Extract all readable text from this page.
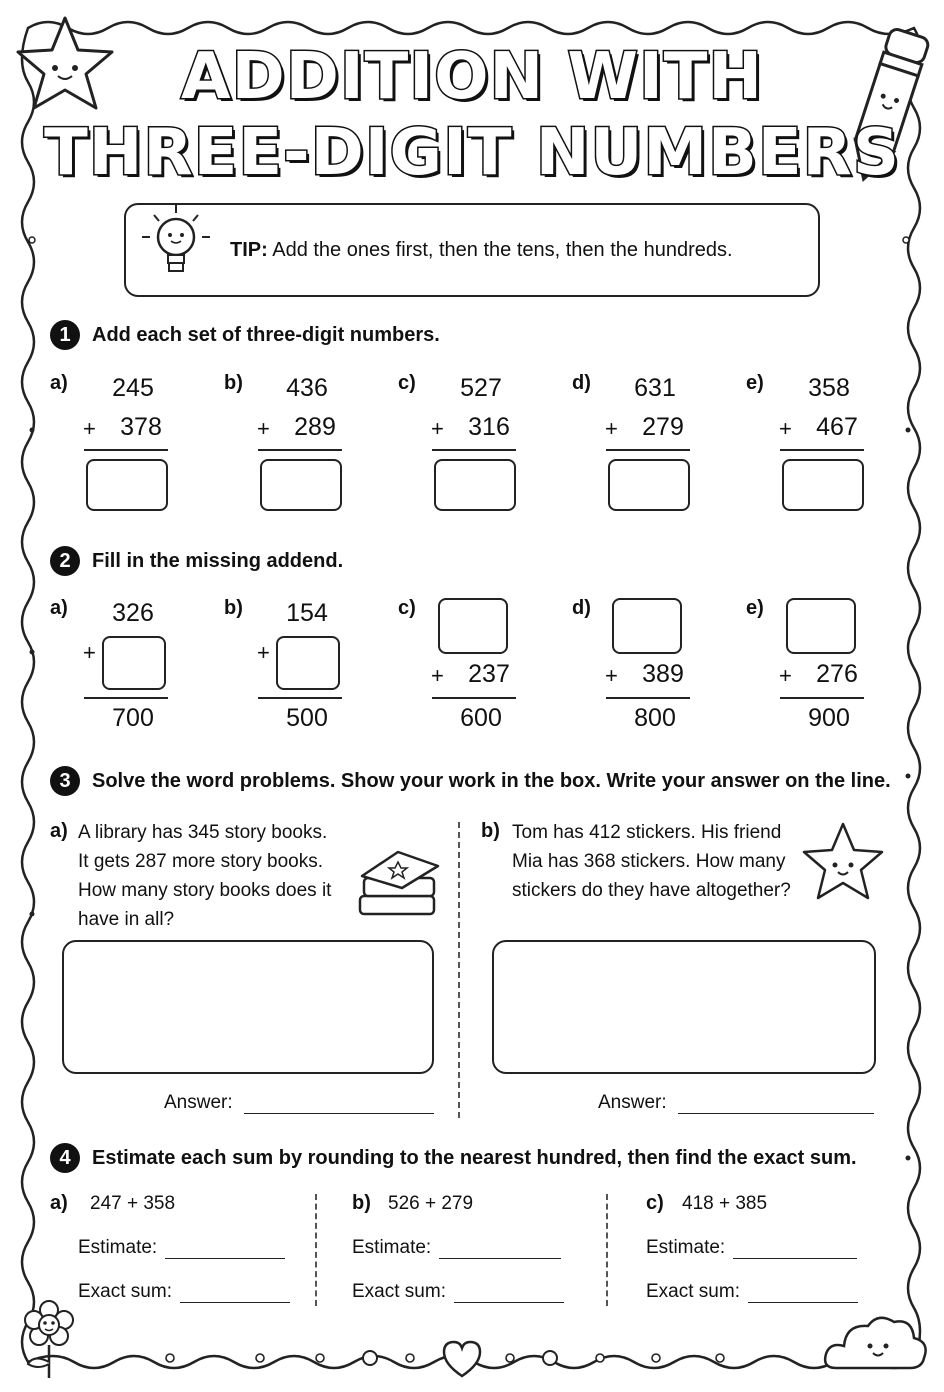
ADDITION WITH
THREE-DIGIT NUMBERS
TIP: Add the ones first, then the tens, then the hundreds.
1	Add each set of three-digit numbers.
a)	245
+ 378
b)	436
+ 289
c)	527
+ 316
d)	631
+ 279
e)	358
+ 467
a)	326
+
700
b)	154
+
500
c)
+ 237
600
d)
+ 389
800
e)
+ 276
900
2	Fill in the missing addend.
3	Solve the word problems. Show your work in the box. Write your answer on the line.
a) A library has 345 story books.
It gets 287 more story books.
How many story books does it
have in all?
Answer:
b) Tom has 412 stickers. His friend
Mia has 368 stickers. How many
stickers do they have altogether?
Answer:
4	Estimate each sum by rounding to the nearest hundred, then find the exact sum.
a) 247 + 358
Estimate:
Exact sum:
b) 526 + 279
Estimate:
Exact sum:
c) 418 + 385
Estimate:
Exact sum:
